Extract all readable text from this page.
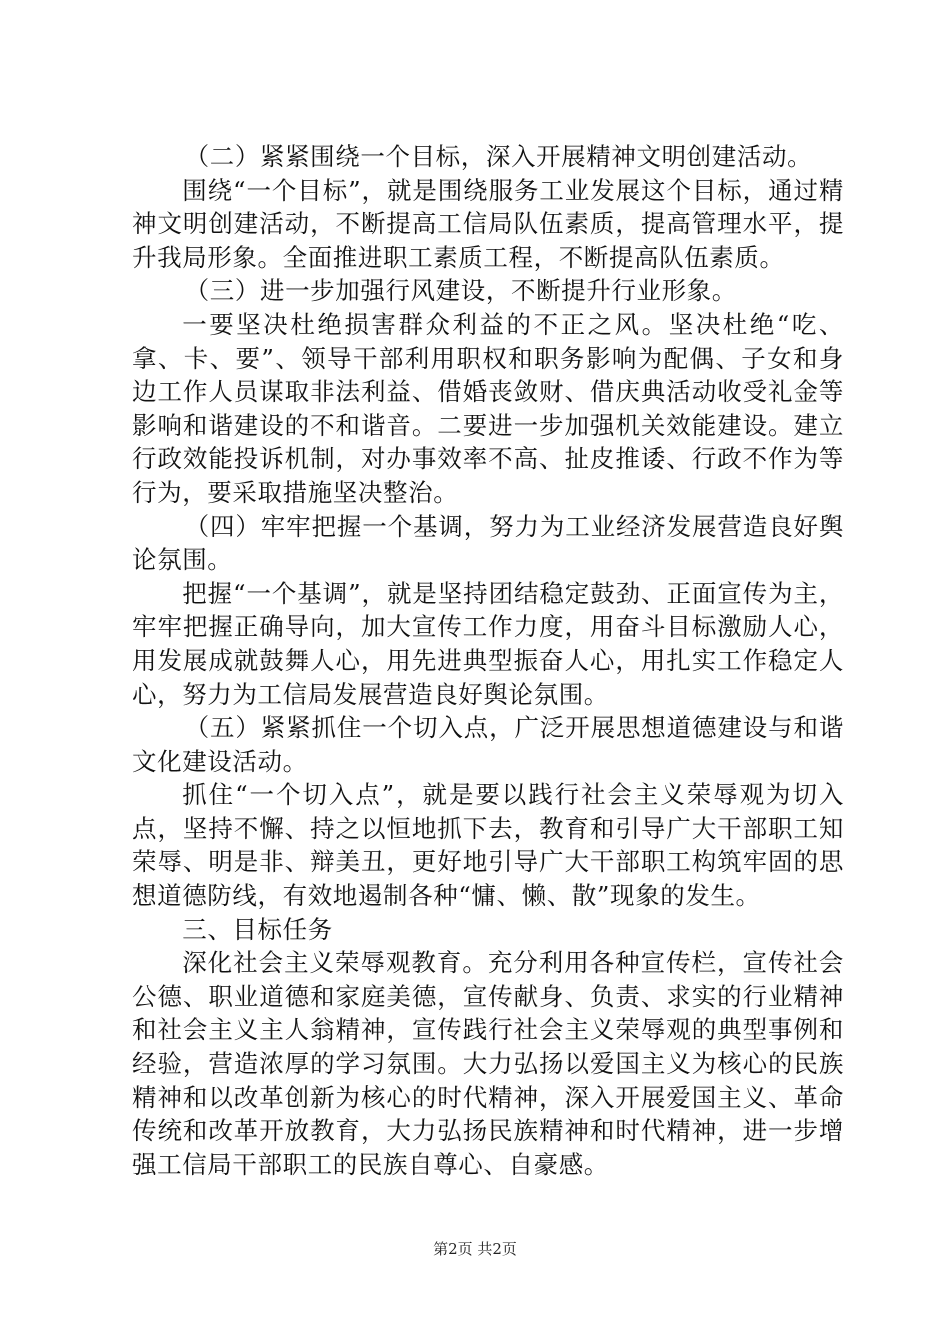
（二）紧紧围绕一个目标，深入开展精神文明创建活动。

围绕“一个目标”，就是围绕服务工业发展这个目标，通过精神文明创建活动，不断提高工信局队伍素质，提高管理水平，提升我局形象。全面推进职工素质工程，不断提高队伍素质。

（三）进一步加强行风建设，不断提升行业形象。

一要坚决杜绝损害群众利益的不正之风。坚决杜绝“吃、拿、卡、要”、领导干部利用职权和职务影响为配偶、子女和身边工作人员谋取非法利益、借婚丧敛财、借庆典活动收受礼金等影响和谐建设的不和谐音。二要进一步加强机关效能建设。建立行政效能投诉机制，对办事效率不高、扯皮推诿、行政不作为等行为，要采取措施坚决整治。

（四）牢牢把握一个基调，努力为工业经济发展营造良好舆论氛围。

把握“一个基调”，就是坚持团结稳定鼓劲、正面宣传为主，牢牢把握正确导向，加大宣传工作力度，用奋斗目标激励人心，用发展成就鼓舞人心，用先进典型振奋人心，用扎实工作稳定人心，努力为工信局发展营造良好舆论氛围。

（五）紧紧抓住一个切入点，广泛开展思想道德建设与和谐文化建设活动。

抓住“一个切入点”，就是要以践行社会主义荣辱观为切入点，坚持不懈、持之以恒地抓下去，教育和引导广大干部职工知荣辱、明是非、辩美丑，更好地引导广大干部职工构筑牢固的思想道德防线，有效地遏制各种“慵、懒、散”现象的发生。

三、目标任务

深化社会主义荣辱观教育。充分利用各种宣传栏，宣传社会公德、职业道德和家庭美德，宣传献身、负责、求实的行业精神和社会主义主人翁精神，宣传践行社会主义荣辱观的典型事例和经验，营造浓厚的学习氛围。大力弘扬以爱国主义为核心的民族精神和以改革创新为核心的时代精神，深入开展爱国主义、革命传统和改革开放教育，大力弘扬民族精神和时代精神，进一步增强工信局干部职工的民族自尊心、自豪感。

第2页 共2页
